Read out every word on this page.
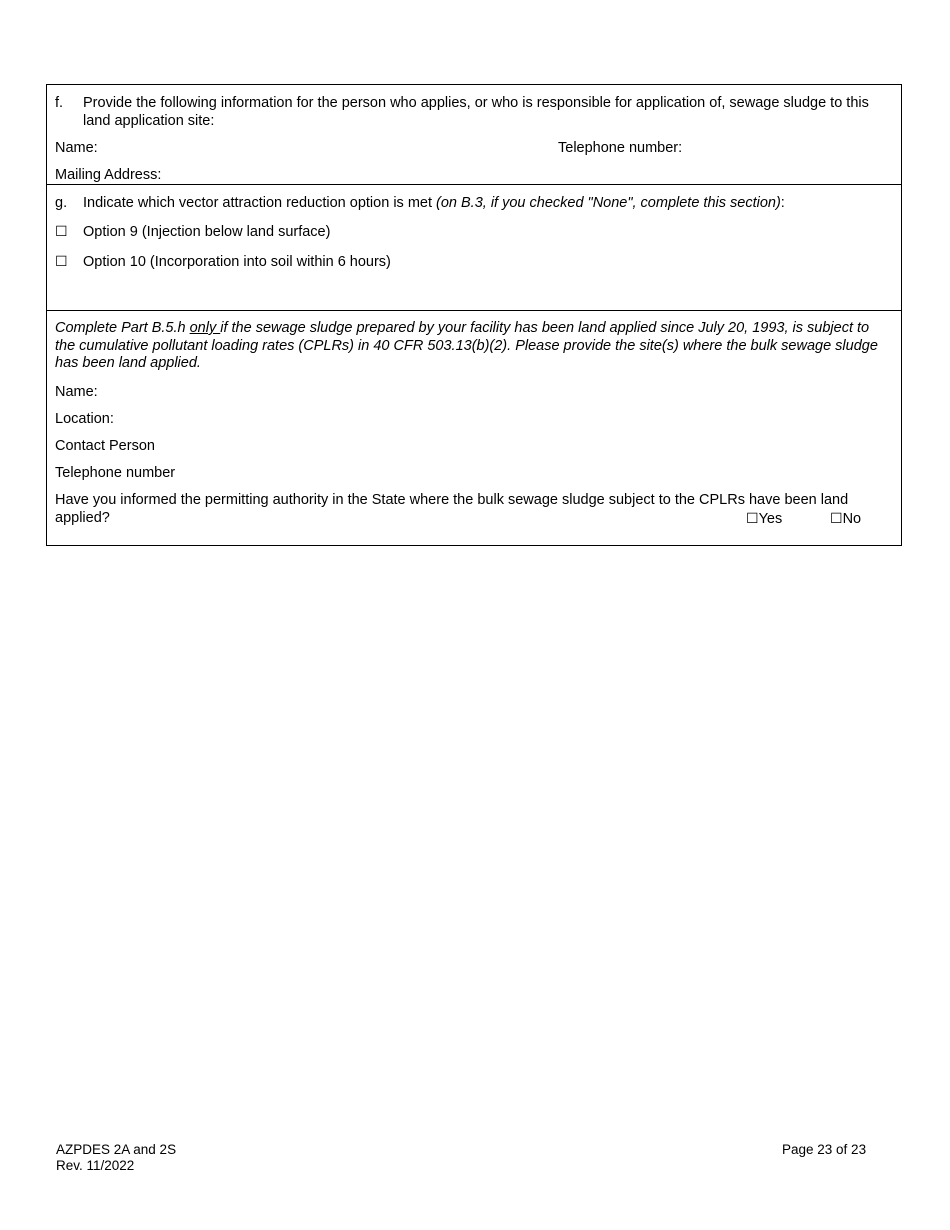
f. Provide the following information for the person who applies, or who is responsible for application of, sewage sludge to this land application site:
Name:	Telephone number:
Mailing Address:
g. Indicate which vector attraction reduction option is met (on B.3, if you checked "None", complete this section):
☐ Option 9 (Injection below land surface)
☐ Option 10 (Incorporation into soil within 6 hours)
Complete Part B.5.h only if the sewage sludge prepared by your facility has been land applied since July 20, 1993, is subject to the cumulative pollutant loading rates (CPLRs) in 40 CFR 503.13(b)(2). Please provide the site(s) where the bulk sewage sludge has been land applied.
Name:
Location:
Contact Person
Telephone number
Have you informed the permitting authority in the State where the bulk sewage sludge subject to the CPLRs have been land applied?	☐Yes	☐No
AZPDES 2A and 2S
Rev. 11/2022
Page 23 of 23
